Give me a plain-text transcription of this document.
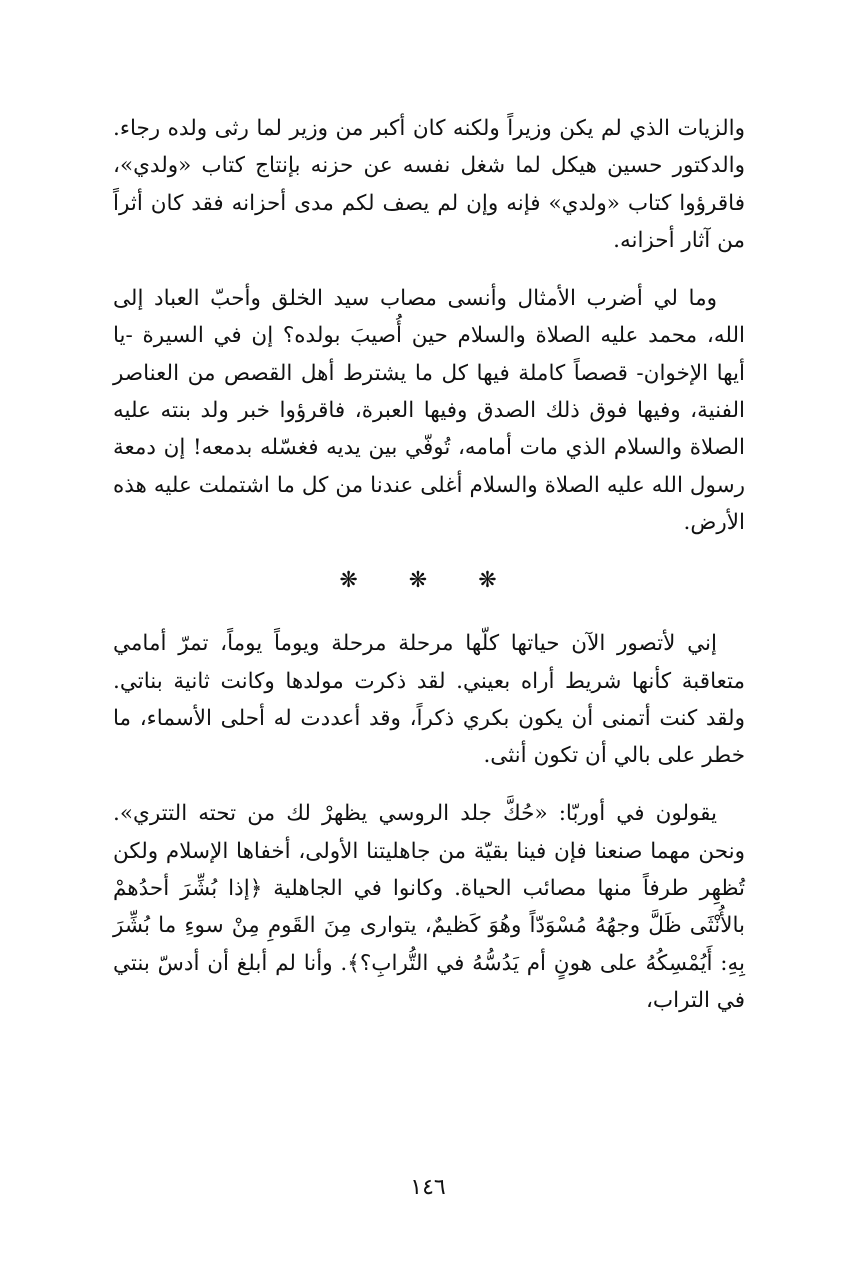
والزيات الذي لم يكن وزيراً ولكنه كان أكبر من وزير لما رثى ولده رجاء. والدكتور حسين هيكل لما شغل نفسه عن حزنه بإنتاج كتاب «ولدي»، فاقرؤوا كتاب «ولدي» فإنه وإن لم يصف لكم مدى أحزانه فقد كان أثراً من آثار أحزانه.

وما لي أضرب الأمثال وأنسى مصاب سيد الخلق وأحبّ العباد إلى الله، محمد عليه الصلاة والسلام حين أُصيبَ بولده؟ إن في السيرة -يا أيها الإخوان- قصصاً كاملة فيها كل ما يشترط أهل القصص من العناصر الفنية، وفيها فوق ذلك الصدق وفيها العبرة، فاقرؤوا خبر ولد بنته عليه الصلاة والسلام الذي مات أمامه، تُوفّي بين يديه فغسّله بدمعه! إن دمعة رسول الله عليه الصلاة والسلام أغلى عندنا من كل ما اشتملت عليه هذه الأرض.

❋ ❋ ❋

إني لأتصور الآن حياتها كلّها مرحلة مرحلة ويوماً يوماً، تمرّ أمامي متعاقبة كأنها شريط أراه بعيني. لقد ذكرت مولدها وكانت ثانية بناتي. ولقد كنت أتمنى أن يكون بكري ذكراً، وقد أعددت له أحلى الأسماء، ما خطر على بالي أن تكون أنثى.

يقولون في أوربّا: «حُكَّ جلد الروسي يظهرْ لك من تحته التتري». ونحن مهما صنعنا فإن فينا بقيّة من جاهليتنا الأولى، أخفاها الإسلام ولكن تُظهِر طرفاً منها مصائب الحياة. وكانوا في الجاهلية ﴿إذا بُشِّرَ أحدُهمْ بالأُنْثَى ظَلَّ وجهُهُ مُسْوَدّاً وهُوَ كَظيمٌ، يتوارى مِنَ القَومِ مِنْ سوءِ ما بُشِّرَ بِهِ: أَيُمْسِكُهُ على هونٍ أم يَدُسُّهُ في التُّرابِ؟﴾. وأنا لم أبلغ أن أدسّ بنتي في التراب،

١٤٦
